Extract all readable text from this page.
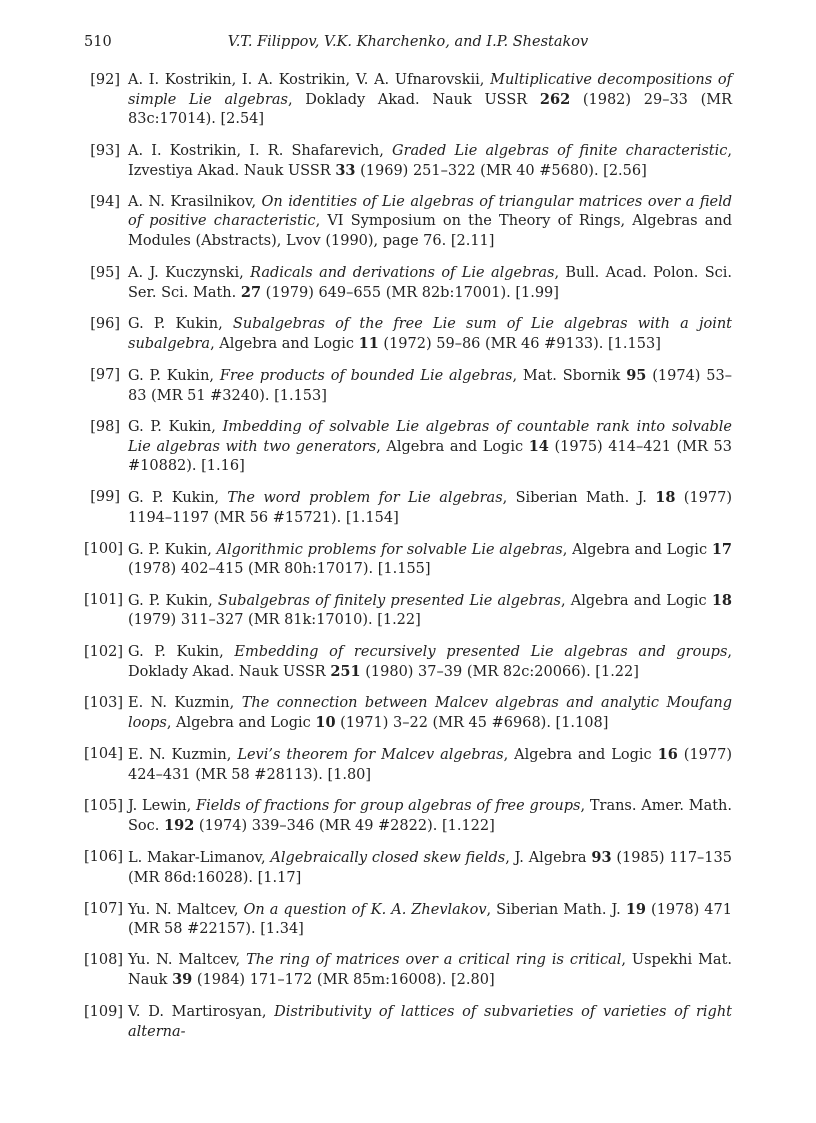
510	V.T. Filippov, V.K. Kharchenko, and I.P. Shestakov
[92] A. I. Kostrikin, I. A. Kostrikin, V. A. Ufnarovskii, Multiplicative decompositions of simple Lie algebras, Doklady Akad. Nauk USSR 262 (1982) 29–33 (MR 83c:17014). [2.54]
[93] A. I. Kostrikin, I. R. Shafarevich, Graded Lie algebras of finite characteristic, Izvestiya Akad. Nauk USSR 33 (1969) 251–322 (MR 40 #5680). [2.56]
[94] A. N. Krasilnikov, On identities of Lie algebras of triangular matrices over a field of positive characteristic, VI Symposium on the Theory of Rings, Algebras and Modules (Abstracts), Lvov (1990), page 76. [2.11]
[95] A. J. Kuczynski, Radicals and derivations of Lie algebras, Bull. Acad. Polon. Sci. Ser. Sci. Math. 27 (1979) 649–655 (MR 82b:17001). [1.99]
[96] G. P. Kukin, Subalgebras of the free Lie sum of Lie algebras with a joint subalgebra, Algebra and Logic 11 (1972) 59–86 (MR 46 #9133). [1.153]
[97] G. P. Kukin, Free products of bounded Lie algebras, Mat. Sbornik 95 (1974) 53–83 (MR 51 #3240). [1.153]
[98] G. P. Kukin, Imbedding of solvable Lie algebras of countable rank into solvable Lie algebras with two generators, Algebra and Logic 14 (1975) 414–421 (MR 53 #10882). [1.16]
[99] G. P. Kukin, The word problem for Lie algebras, Siberian Math. J. 18 (1977) 1194–1197 (MR 56 #15721). [1.154]
[100] G. P. Kukin, Algorithmic problems for solvable Lie algebras, Algebra and Logic 17 (1978) 402–415 (MR 80h:17017). [1.155]
[101] G. P. Kukin, Subalgebras of finitely presented Lie algebras, Algebra and Logic 18 (1979) 311–327 (MR 81k:17010). [1.22]
[102] G. P. Kukin, Embedding of recursively presented Lie algebras and groups, Doklady Akad. Nauk USSR 251 (1980) 37–39 (MR 82c:20066). [1.22]
[103] E. N. Kuzmin, The connection between Malcev algebras and analytic Moufang loops, Algebra and Logic 10 (1971) 3–22 (MR 45 #6968). [1.108]
[104] E. N. Kuzmin, Levi’s theorem for Malcev algebras, Algebra and Logic 16 (1977) 424–431 (MR 58 #28113). [1.80]
[105] J. Lewin, Fields of fractions for group algebras of free groups, Trans. Amer. Math. Soc. 192 (1974) 339–346 (MR 49 #2822). [1.122]
[106] L. Makar-Limanov, Algebraically closed skew fields, J. Algebra 93 (1985) 117–135 (MR 86d:16028). [1.17]
[107] Yu. N. Maltcev, On a question of K. A. Zhevlakov, Siberian Math. J. 19 (1978) 471 (MR 58 #22157). [1.34]
[108] Yu. N. Maltcev, The ring of matrices over a critical ring is critical, Uspekhi Mat. Nauk 39 (1984) 171–172 (MR 85m:16008). [2.80]
[109] V. D. Martirosyan, Distributivity of lattices of subvarieties of varieties of right alterna-
